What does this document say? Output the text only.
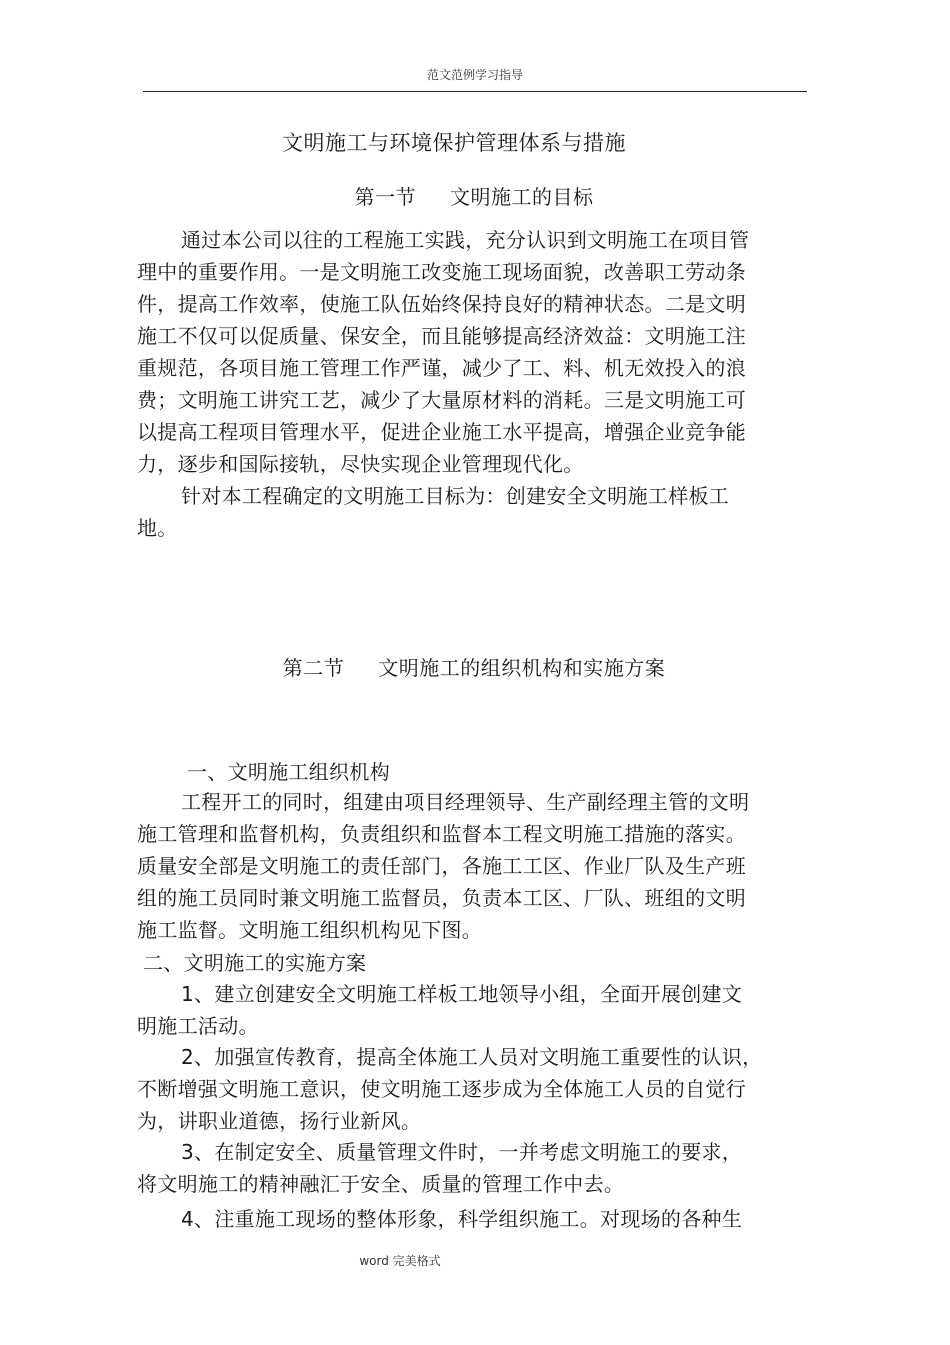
范文范例学习指导
文明施工与环境保护管理体系与措施
第一节 文明施工的目标
通过本公司以往的工程施工实践，充分认识到文明施工在项目管
理中的重要作用。一是文明施工改变施工现场面貌，改善职工劳动条
件，提高工作效率，使施工队伍始终保持良好的精神状态。二是文明
施工不仅可以促质量、保安全，而且能够提高经济效益：文明施工注
重规范，各项目施工管理工作严谨，减少了工、料、机无效投入的浪
费；文明施工讲究工艺，减少了大量原材料的消耗。三是文明施工可
以提高工程项目管理水平，促进企业施工水平提高，增强企业竞争能
力，逐步和国际接轨，尽快实现企业管理现代化。
针对本工程确定的文明施工目标为：创建安全文明施工样板工
地。
第二节 文明施工的组织机构和实施方案
一、文明施工组织机构
工程开工的同时，组建由项目经理领导、生产副经理主管的文明
施工管理和监督机构，负责组织和监督本工程文明施工措施的落实。
质量安全部是文明施工的责任部门，各施工工区、作业厂队及生产班
组的施工员同时兼文明施工监督员，负责本工区、厂队、班组的文明
施工监督。文明施工组织机构见下图。
二、文明施工的实施方案
1、建立创建安全文明施工样板工地领导小组，全面开展创建文
明施工活动。
2、加强宣传教育，提高全体施工人员对文明施工重要性的认识，
不断增强文明施工意识，使文明施工逐步成为全体施工人员的自觉行
为，讲职业道德，扬行业新风。
3、在制定安全、质量管理文件时，一并考虑文明施工的要求，
将文明施工的精神融汇于安全、质量的管理工作中去。
4、注重施工现场的整体形象，科学组织施工。对现场的各种生
word 完美格式
